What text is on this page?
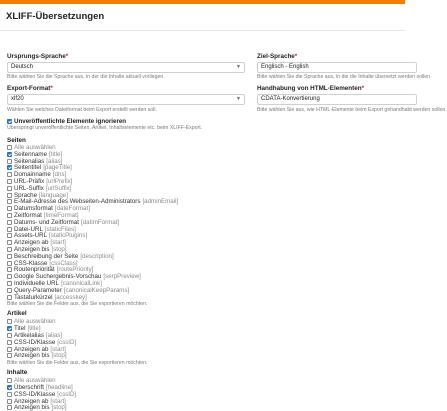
XLIFF-Übersetzungen
Ursprungs-Sprache*
Deutsch	▼
Bitte wählen Sie die Sprache aus, in der die Inhalte aktuell vorliegen.
Ziel-Sprache*
Englisch - English
Bitte wählen Sie die Sprache aus, in die die Inhalte übersetzt werden sollen.
Export-Format*
xlf20	▼
Wählen Sie welches Dateiformat beim Export erstellt werden soll.
Handhabung von HTML-Elementen*
CDATA-Konvertierung
Bitte wählen Sie aus, wie HTML-Elemente beim Export gehandhabt werden sollen.
Unveröffentlichte Elemente ignorieren
Überspringt unveröffentlichte Seiten, Artikel, Inhaltselemente etc. beim XLIFF-Export.
Seiten
Alle auswählen
Seitenname [title]
Seitenalias [alias]
Seitentitel [pageTitle]
Domainname [dns]
URL-Präfix [urlPrefix]
URL-Suffix [urlSuffix]
Sprache [language]
E-Mail-Adresse des Webseiten-Administrators [adminEmail]
Datumsformat [dateFormat]
Zeitformat [timeFormat]
Datums- und Zeitformat [datimFormat]
Datei-URL [staticFiles]
Assets-URL [staticPlugins]
Anzeigen ab [start]
Anzeigen bis [stop]
Beschreibung der Seite [description]
CSS-Klasse [cssClass]
Routenpriorität [routePriority]
Google Suchergebnis-Vorschau [serpPreview]
Individuelle URL [canonicalLink]
Query-Parameter [canonicalKeepParams]
Tastaturkürzel [accesskey]
Bitte wählen Sie die Felder aus, die Sie exportieren möchten.
Artikel
Alle auswählen
Titel [title]
Artikelalias [alias]
CSS-ID/Klasse [cssID]
Anzeigen ab [start]
Anzeigen bis [stop]
Bitte wählen Sie die Felder aus, die Sie exportieren möchten.
Inhalte
Alle auswählen
Überschrift [headline]
CSS-ID/Klasse [cssID]
Anzeigen ab [start]
Anzeigen bis [stop]
